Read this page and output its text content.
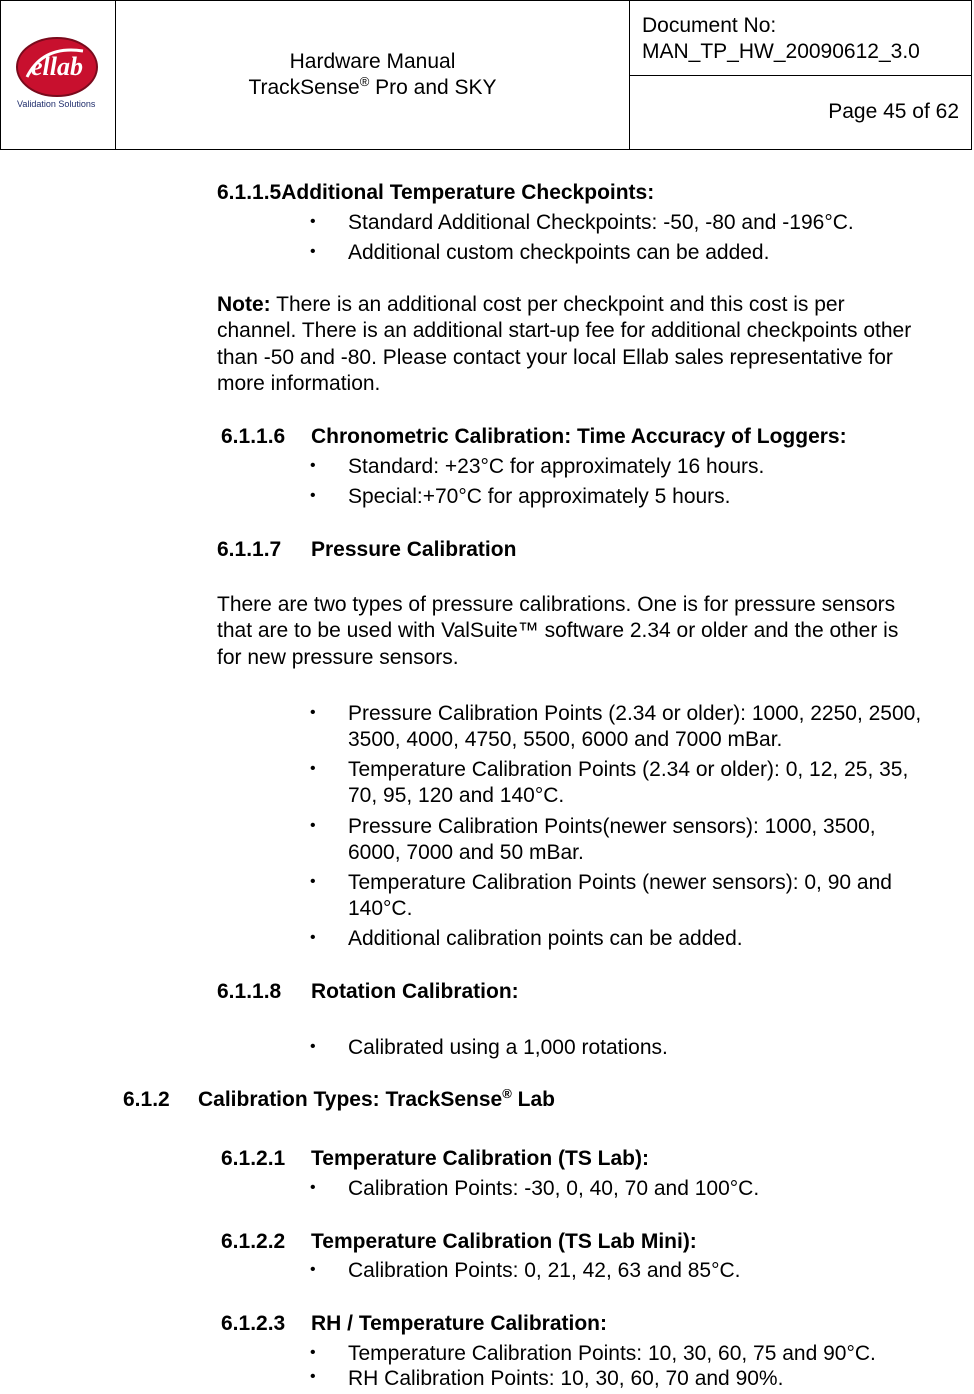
ellab
Validation Solutions
Hardware Manual
TrackSense® Pro and SKY
Document No:
MAN_TP_HW_20090612_3.0
Page 45 of 62
6.1.1.5Additional Temperature Checkpoints:
• Standard Additional Checkpoints: -50, -80 and -196°C.
• Additional custom checkpoints can be added.
Note: There is an additional cost per checkpoint and this cost is per
channel. There is an additional start-up fee for additional checkpoints other
than -50 and -80. Please contact your local Ellab sales representative for
more information.
6.1.1.6 Chronometric Calibration: Time Accuracy of Loggers:
• Standard: +23°C for approximately 16 hours.
• Special:+70°C for approximately 5 hours.
6.1.1.7 Pressure Calibration
There are two types of pressure calibrations. One is for pressure sensors
that are to be used with ValSuite™ software 2.34 or older and the other is
for new pressure sensors.
• Pressure Calibration Points (2.34 or older): 1000, 2250, 2500,
3500, 4000, 4750, 5500, 6000 and 7000 mBar.
• Temperature Calibration Points (2.34 or older): 0, 12, 25, 35,
70, 95, 120 and 140°C.
• Pressure Calibration Points(newer sensors): 1000, 3500,
6000, 7000 and 50 mBar.
• Temperature Calibration Points (newer sensors): 0, 90 and
140°C.
• Additional calibration points can be added.
6.1.1.8 Rotation Calibration:
• Calibrated using a 1,000 rotations.
6.1.2 Calibration Types: TrackSense® Lab
6.1.2.1 Temperature Calibration (TS Lab):
• Calibration Points: -30, 0, 40, 70 and 100°C.
6.1.2.2 Temperature Calibration (TS Lab Mini):
• Calibration Points: 0, 21, 42, 63 and 85°C.
6.1.2.3 RH / Temperature Calibration:
• Temperature Calibration Points: 10, 30, 60, 75 and 90°C.
• RH Calibration Points: 10, 30, 60, 70 and 90%.
